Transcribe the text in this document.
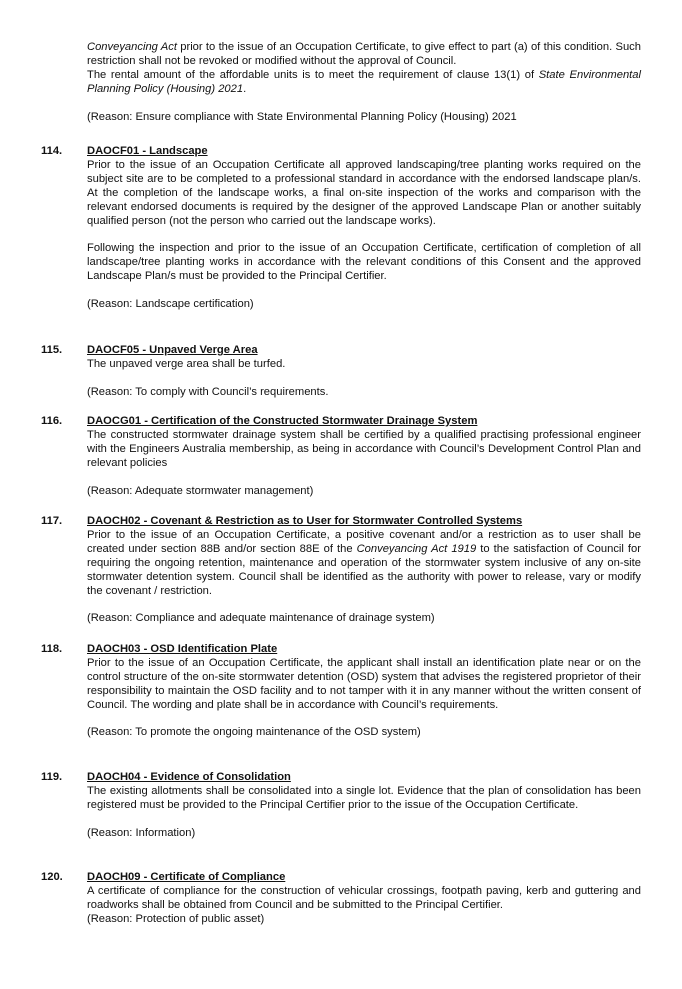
Conveyancing Act prior to the issue of an Occupation Certificate, to give effect to part (a) of this condition. Such restriction shall not be revoked or modified without the approval of Council.

The rental amount of the affordable units is to meet the requirement of clause 13(1) of State Environmental Planning Policy (Housing) 2021.

(Reason: Ensure compliance with State Environmental Planning Policy (Housing) 2021

114. DAOCF01 - Landscape

Prior to the issue of an Occupation Certificate all approved landscaping/tree planting works required on the subject site are to be completed to a professional standard in accordance with the endorsed landscape plan/s. At the completion of the landscape works, a final on-site inspection of the works and comparison with the relevant endorsed documents is required by the designer of the approved Landscape Plan or another suitably qualified person (not the person who carried out the landscape works).

Following the inspection and prior to the issue of an Occupation Certificate, certification of completion of all landscape/tree planting works in accordance with the relevant conditions of this Consent and the approved Landscape Plan/s must be provided to the Principal Certifier.

(Reason: Landscape certification)

115. DAOCF05 - Unpaved Verge Area

The unpaved verge area shall be turfed.

(Reason: To comply with Council’s requirements.

116. DAOCG01 - Certification of the Constructed Stormwater Drainage System

The constructed stormwater drainage system shall be certified by a qualified practising professional engineer with the Engineers Australia membership, as being in accordance with Council’s Development Control Plan and relevant policies

(Reason: Adequate stormwater management)

117. DAOCH02 - Covenant & Restriction as to User for Stormwater Controlled Systems

Prior to the issue of an Occupation Certificate, a positive covenant and/or a restriction as to user shall be created under section 88B and/or section 88E of the Conveyancing Act 1919 to the satisfaction of Council for requiring the ongoing retention, maintenance and operation of the stormwater system inclusive of any on-site stormwater detention system. Council shall be identified as the authority with power to release, vary or modify the covenant / restriction.

(Reason: Compliance and adequate maintenance of drainage system)

118. DAOCH03 - OSD Identification Plate

Prior to the issue of an Occupation Certificate, the applicant shall install an identification plate near or on the control structure of the on-site stormwater detention (OSD) system that advises the registered proprietor of their responsibility to maintain the OSD facility and to not tamper with it in any manner without the written consent of Council. The wording and plate shall be in accordance with Council’s requirements.

(Reason: To promote the ongoing maintenance of the OSD system)

119. DAOCH04 - Evidence of Consolidation

The existing allotments shall be consolidated into a single lot. Evidence that the plan of consolidation has been registered must be provided to the Principal Certifier prior to the issue of the Occupation Certificate.

(Reason: Information)

120. DAOCH09 - Certificate of Compliance

A certificate of compliance for the construction of vehicular crossings, footpath paving, kerb and guttering and roadworks shall be obtained from Council and be submitted to the Principal Certifier.

(Reason: Protection of public asset)
